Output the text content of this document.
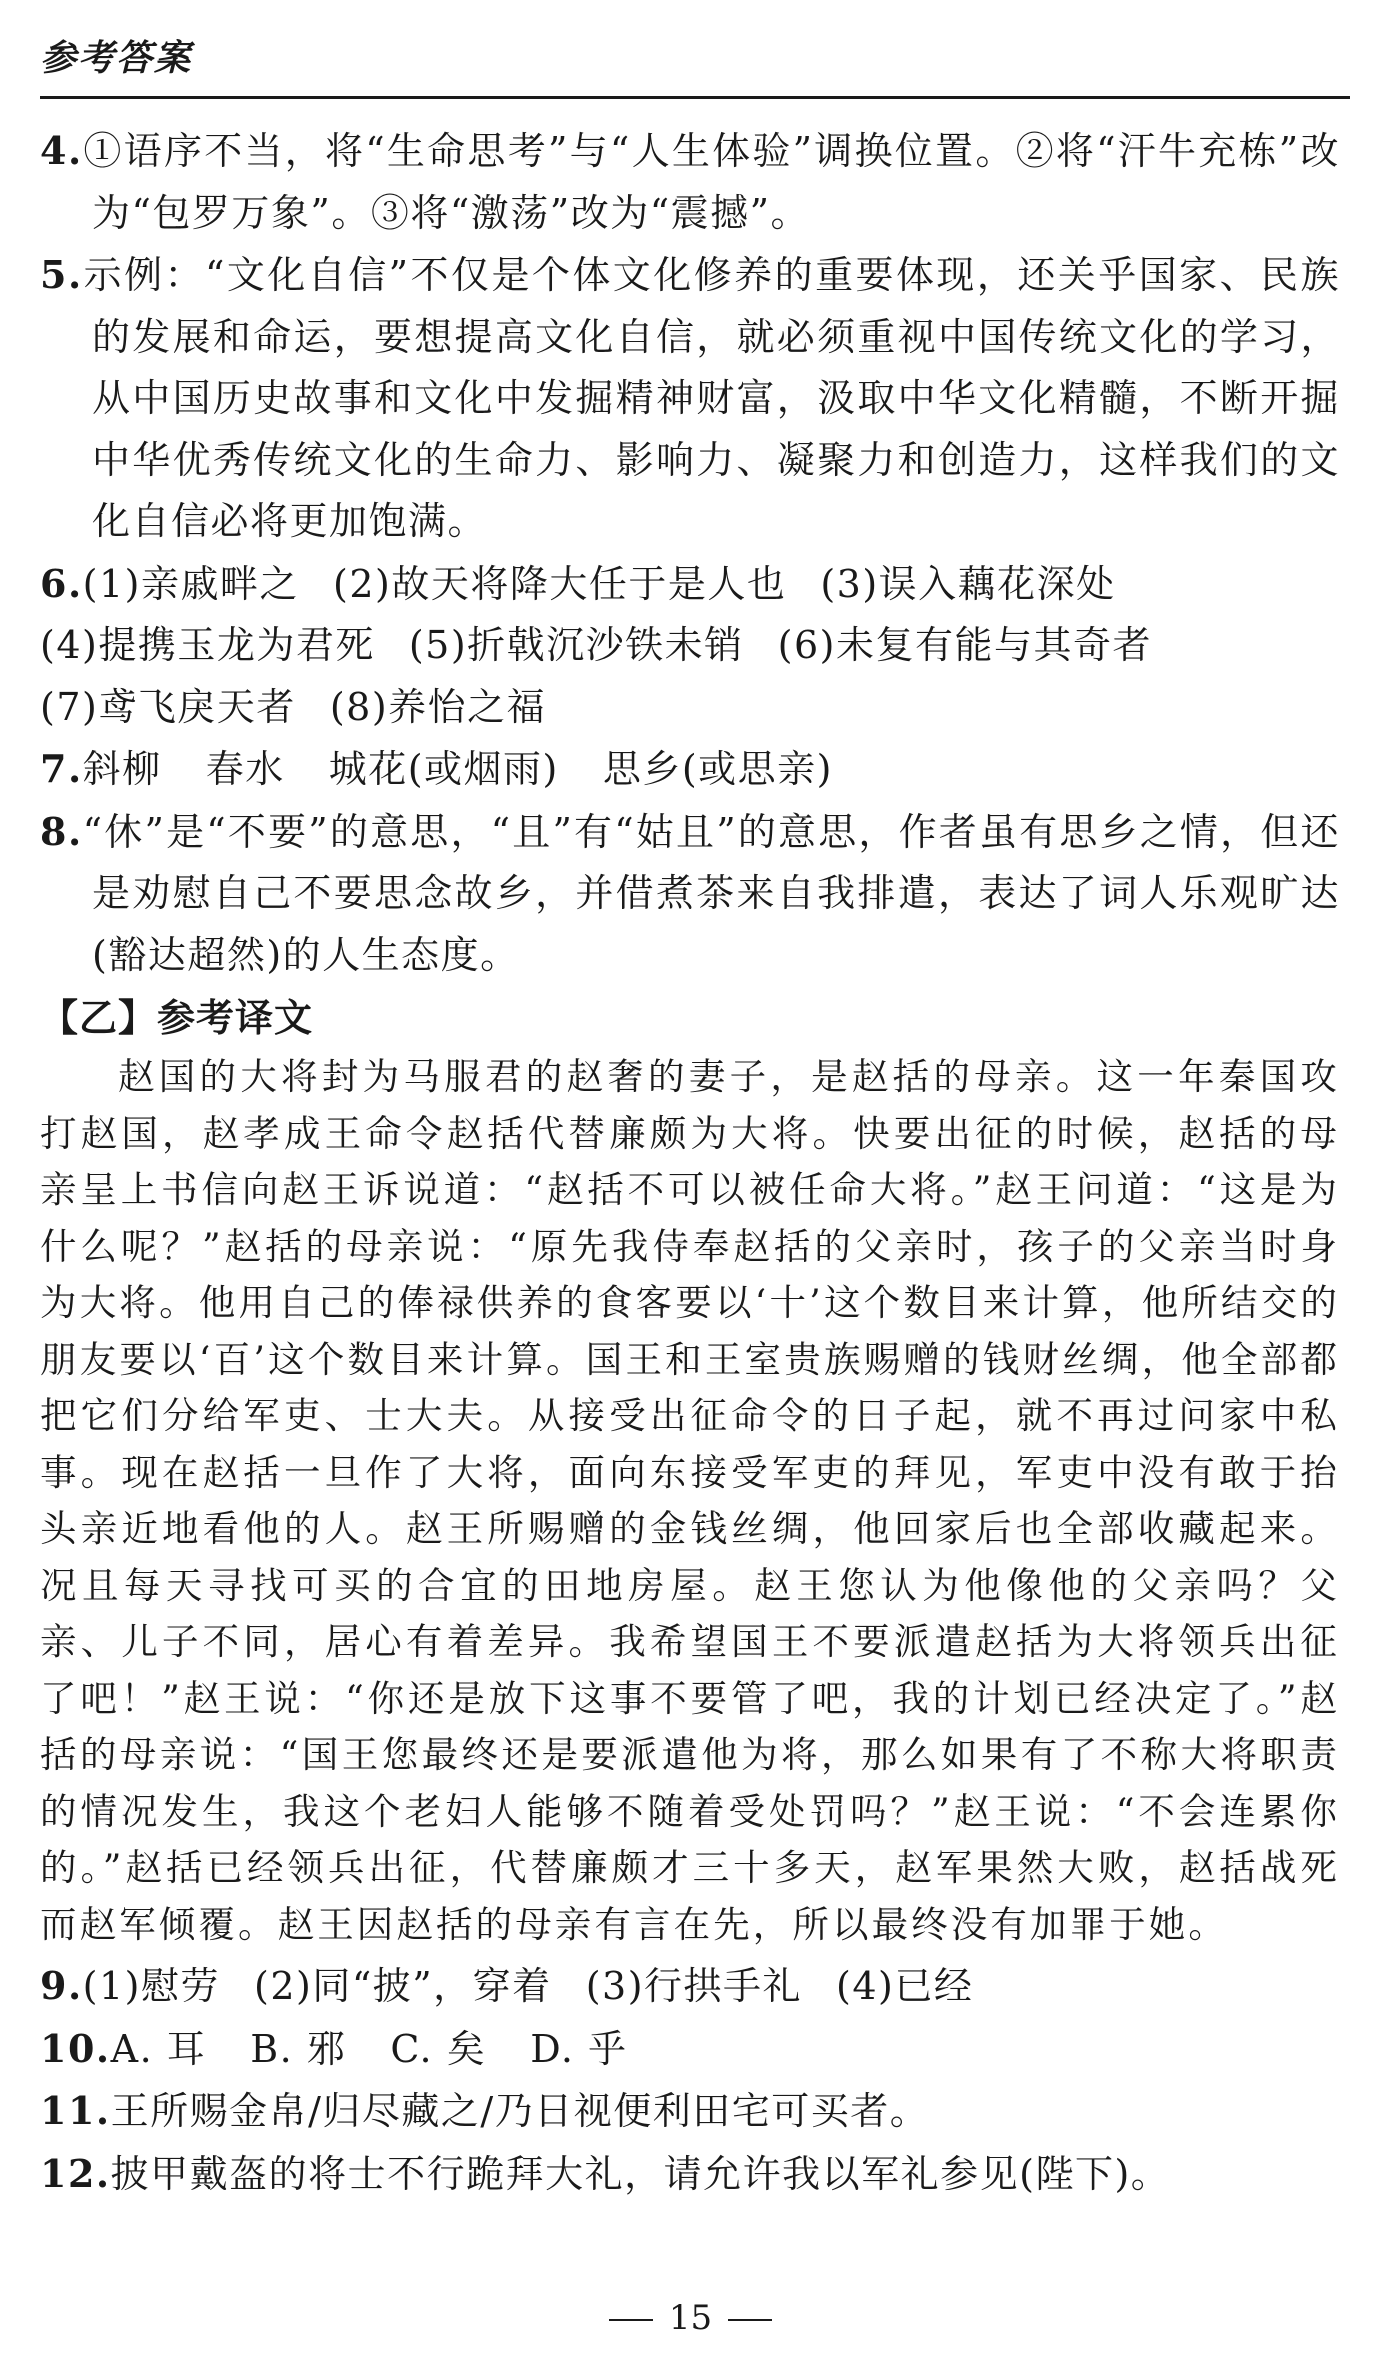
参考答案
4.①语序不当，将“生命思考”与“人生体验”调换位置。②将“汗牛充栋”改为“包罗万象”。③将“激荡”改为“震撼”。
5.示例：“文化自信”不仅是个体文化修养的重要体现，还关乎国家、民族的发展和命运，要想提高文化自信，就必须重视中国传统文化的学习，从中国历史故事和文化中发掘精神财富，汲取中华文化精髓，不断开掘中华优秀传统文化的生命力、影响力、凝聚力和创造力，这样我们的文化自信必将更加饱满。
6.(1)亲戚畔之 (2)故天将降大任于是人也 (3)误入藕花深处
(4)提携玉龙为君死 (5)折戟沉沙铁未销 (6)未复有能与其奇者
(7)鸢飞戾天者 (8)养怡之福
7.斜柳 春水 城花(或烟雨) 思乡(或思亲)
8.“休”是“不要”的意思，“且”有“姑且”的意思，作者虽有思乡之情，但还是劝慰自己不要思念故乡，并借煮茶来自我排遣，表达了词人乐观旷达(豁达超然)的人生态度。
【乙】参考译文

赵国的大将封为马服君的赵奢的妻子，是赵括的母亲。这一年秦国攻打赵国，赵孝成王命令赵括代替廉颇为大将。快要出征的时候，赵括的母亲呈上书信向赵王诉说道：“赵括不可以被任命大将。”赵王问道：“这是为什么呢？”赵括的母亲说：“原先我侍奉赵括的父亲时，孩子的父亲当时身为大将。他用自己的俸禄供养的食客要以‘十’这个数目来计算，他所结交的朋友要以‘百’这个数目来计算。国王和王室贵族赐赠的钱财丝绸，他全部都把它们分给军吏、士大夫。从接受出征命令的日子起，就不再过问家中私事。现在赵括一旦作了大将，面向东接受军吏的拜见，军吏中没有敢于抬头亲近地看他的人。赵王所赐赠的金钱丝绸，他回家后也全部收藏起来。况且每天寻找可买的合宜的田地房屋。赵王您认为他像他的父亲吗？父亲、儿子不同，居心有着差异。我希望国王不要派遣赵括为大将领兵出征了吧！”赵王说：“你还是放下这事不要管了吧，我的计划已经决定了。”赵括的母亲说：“国王您最终还是要派遣他为将，那么如果有了不称大将职责的情况发生，我这个老妇人能够不随着受处罚吗？”赵王说：“不会连累你的。”赵括已经领兵出征，代替廉颇才三十多天，赵军果然大败，赵括战死而赵军倾覆。赵王因赵括的母亲有言在先，所以最终没有加罪于她。

9.(1)慰劳 (2)同“披”，穿着 (3)行拱手礼 (4)已经
10.A. 耳 B. 邪 C. 矣 D. 乎
11.王所赐金帛/归尽藏之/乃日视便利田宅可买者。
12.披甲戴盔的将士不行跪拜大礼，请允许我以军礼参见(陛下)。
15
